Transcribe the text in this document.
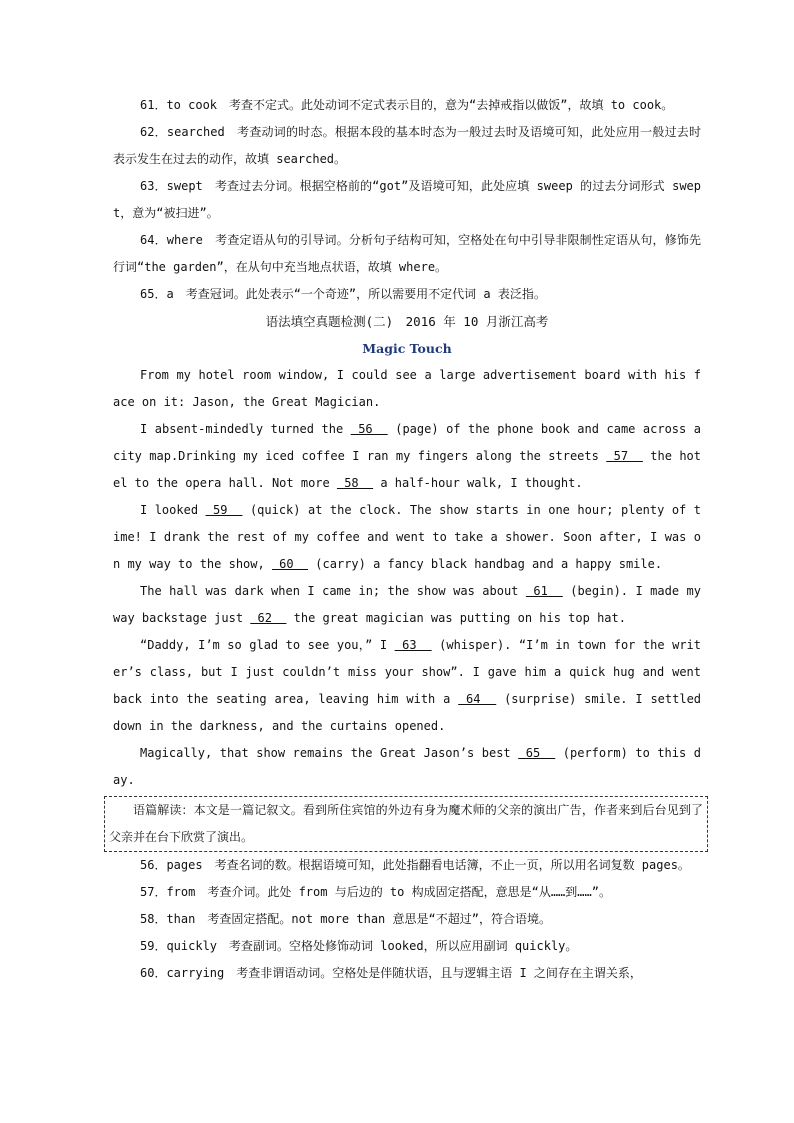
61．to cook　考查不定式。此处动词不定式表示目的，意为“去掉戒指以做饭”，故填 to cook。

62．searched　考查动词的时态。根据本段的基本时态为一般过去时及语境可知，此处应用一般过去时表示发生在过去的动作，故填 searched。

63．swept　考查过去分词。根据空格前的“got”及语境可知，此处应填 sweep 的过去分词形式 swept，意为“被扫进”。

64．where　考查定语从句的引导词。分析句子结构可知，空格处在句中引导非限制性定语从句，修饰先行词“the garden”，在从句中充当地点状语，故填 where。

65．a　考查冠词。此处表示“一个奇迹”，所以需要用不定代词 a 表泛指。

语法填空真题检测(二)　2016 年 10 月浙江高考

Magic Touch

From my hotel room window, I could see a large advertisement board with his face on it: Jason, the Great Magician.

I absent-mindedly turned the  56   (page) of the phone book and came across a city map.Drinking my iced coffee I ran my fingers along the streets  57   the hotel to the opera hall. Not more  58   a half-hour walk, I thought.

I looked  59   (quick) at the clock. The show starts in one hour; plenty of time! I drank the rest of my coffee and went to take a shower. Soon after, I was on my way to the show,  60   (carry) a fancy black handbag and a happy smile.

The hall was dark when I came in; the show was about  61   (begin). I made my way backstage just  62   the great magician was putting on his top hat.

“Daddy, I’m so glad to see you，” I  63   (whisper). “I’m in town for the writer’s class, but I just couldn’t miss your show”. I gave him a quick hug and went back into the seating area, leaving him with a  64   (surprise) smile. I settled down in the darkness, and the curtains opened.

Magically, that show remains the Great Jason’s best  65   (perform) to this day.

语篇解读：本文是一篇记叙文。看到所住宾馆的外边有身为魔术师的父亲的演出广告，作者来到后台见到了父亲并在台下欣赏了演出。

56．pages　考查名词的数。根据语境可知，此处指翻看电话簿，不止一页，所以用名词复数 pages。

57．from　考查介词。此处 from 与后边的 to 构成固定搭配，意思是“从……到……”。

58．than　考查固定搭配。not more than 意思是“不超过”，符合语境。

59．quickly　考查副词。空格处修饰动词 looked，所以应用副词 quickly。

60．carrying　考查非谓语动词。空格处是伴随状语，且与逻辑主语 I 之间存在主谓关系，
